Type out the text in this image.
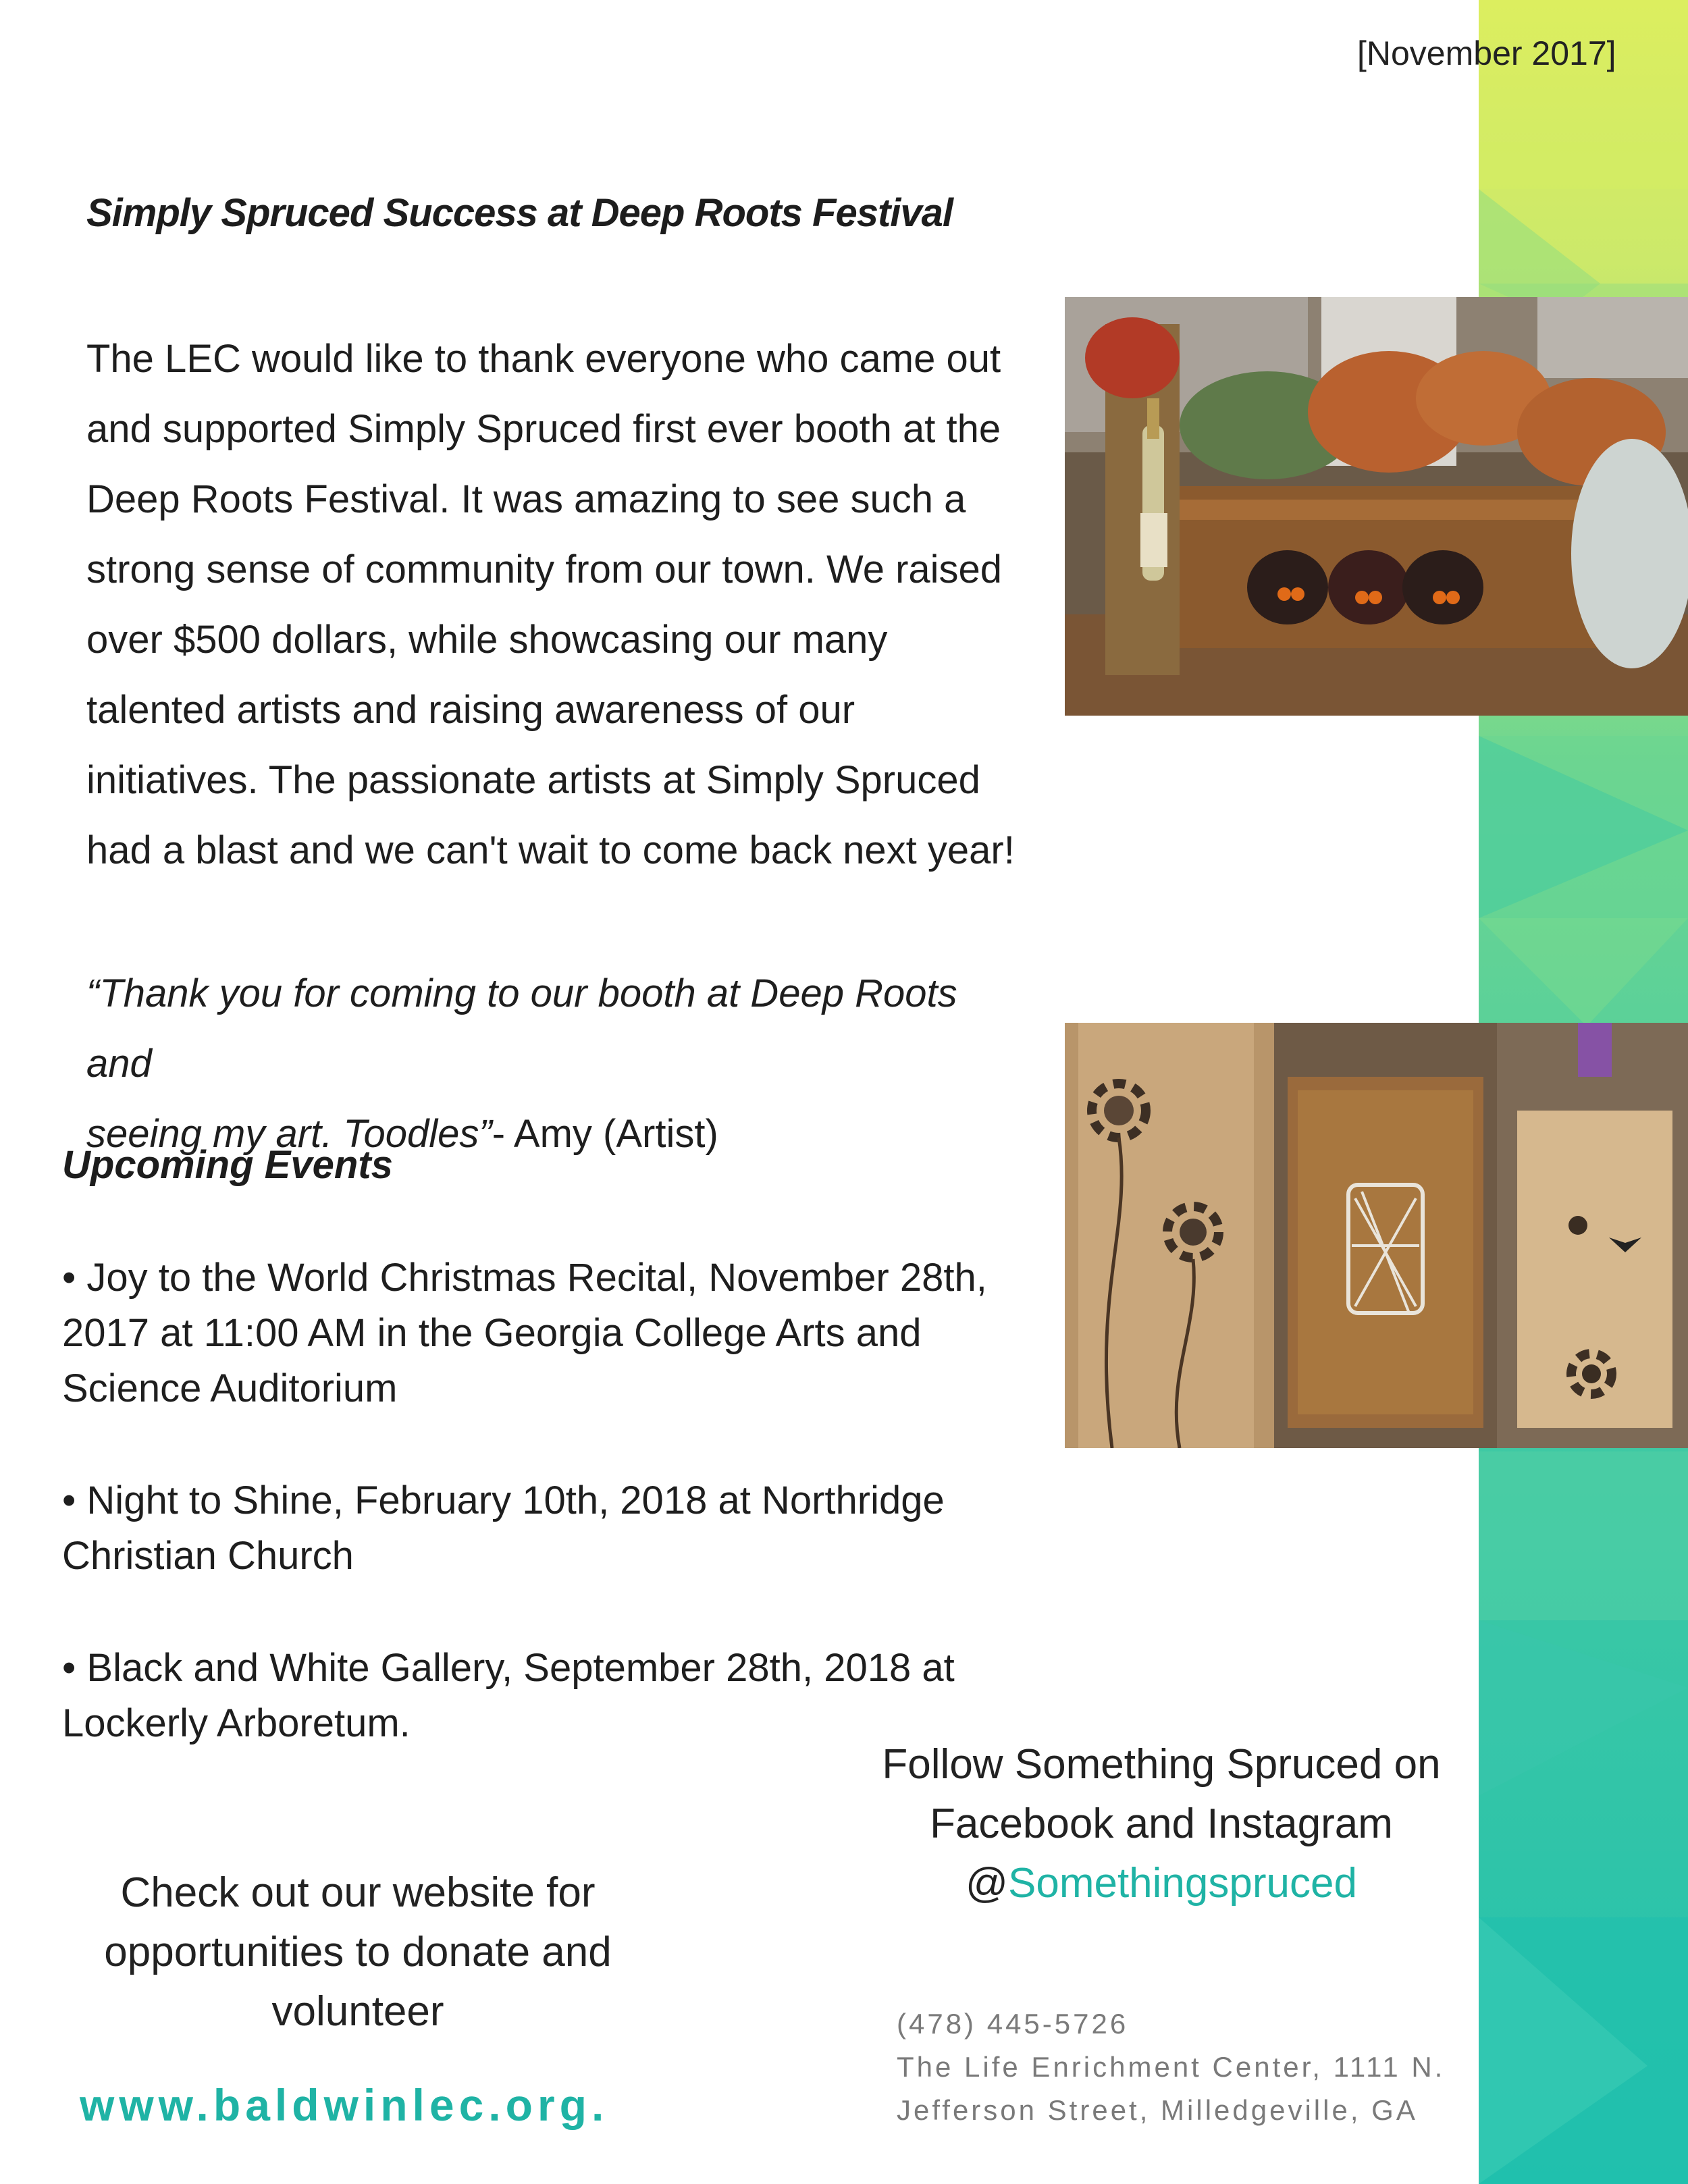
[November 2017]
Simply Spruced Success at Deep Roots Festival
The LEC would like to thank everyone who came out
and supported Simply Spruced first ever booth at the
Deep Roots Festival. It was amazing to see such a
strong sense of community from our town. We raised
over $500 dollars, while showcasing our many
talented artists and raising awareness of our
initiatives. The passionate artists at Simply Spruced
had a blast and we can't wait to come back next year!
“Thank you for coming to our booth at Deep Roots and
seeing my art. Toodles”- Amy (Artist)
Upcoming Events
• Joy to the World Christmas Recital, November 28th,
2017 at 11:00 AM in the Georgia College Arts and
Science Auditorium
• Night to Shine, February 10th, 2018 at Northridge
Christian Church
• Black and White Gallery, September 28th, 2018 at
Lockerly Arboretum.
Check out our website for
opportunities to donate and
volunteer
www.baldwinlec.org.
Follow Something Spruced on
Facebook and Instagram
@Somethingspruced
(478) 445-5726
The Life Enrichment Center, 1111 N.
Jefferson Street, Milledgeville, GA
